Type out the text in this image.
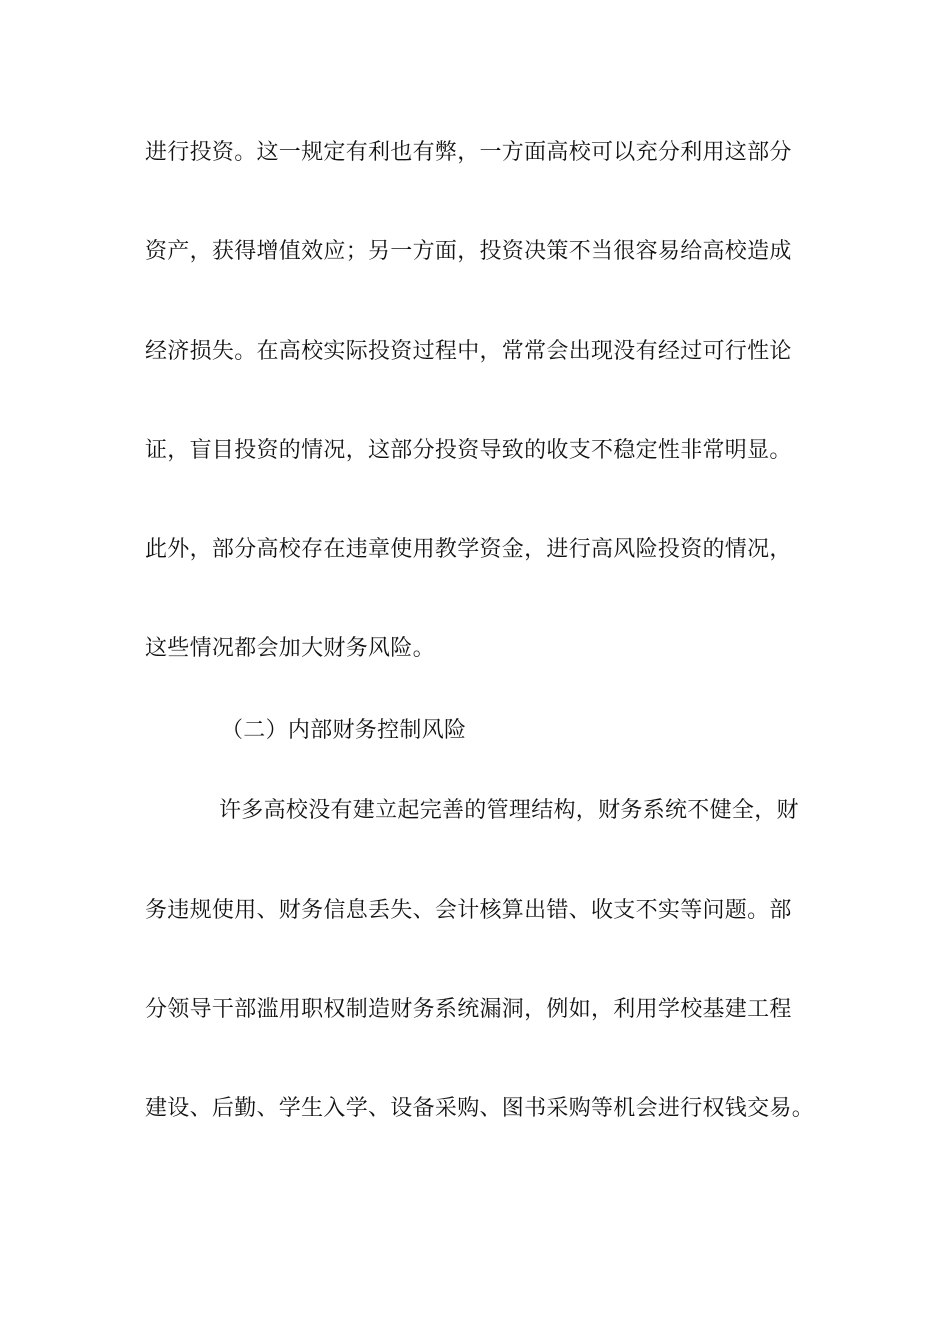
进行投资。这一规定有利也有弊，一方面高校可以充分利用这部分
资产，获得增值效应；另一方面，投资决策不当很容易给高校造成
经济损失。在高校实际投资过程中，常常会出现没有经过可行性论
证，盲目投资的情况，这部分投资导致的收支不稳定性非常明显。
此外，部分高校存在违章使用教学资金，进行高风险投资的情况，
这些情况都会加大财务风险。
（二）内部财务控制风险
许多高校没有建立起完善的管理结构，财务系统不健全，财
务违规使用、财务信息丢失、会计核算出错、收支不实等问题。部
分领导干部滥用职权制造财务系统漏洞，例如，利用学校基建工程
建设、后勤、学生入学、设备采购、图书采购等机会进行权钱交易。
